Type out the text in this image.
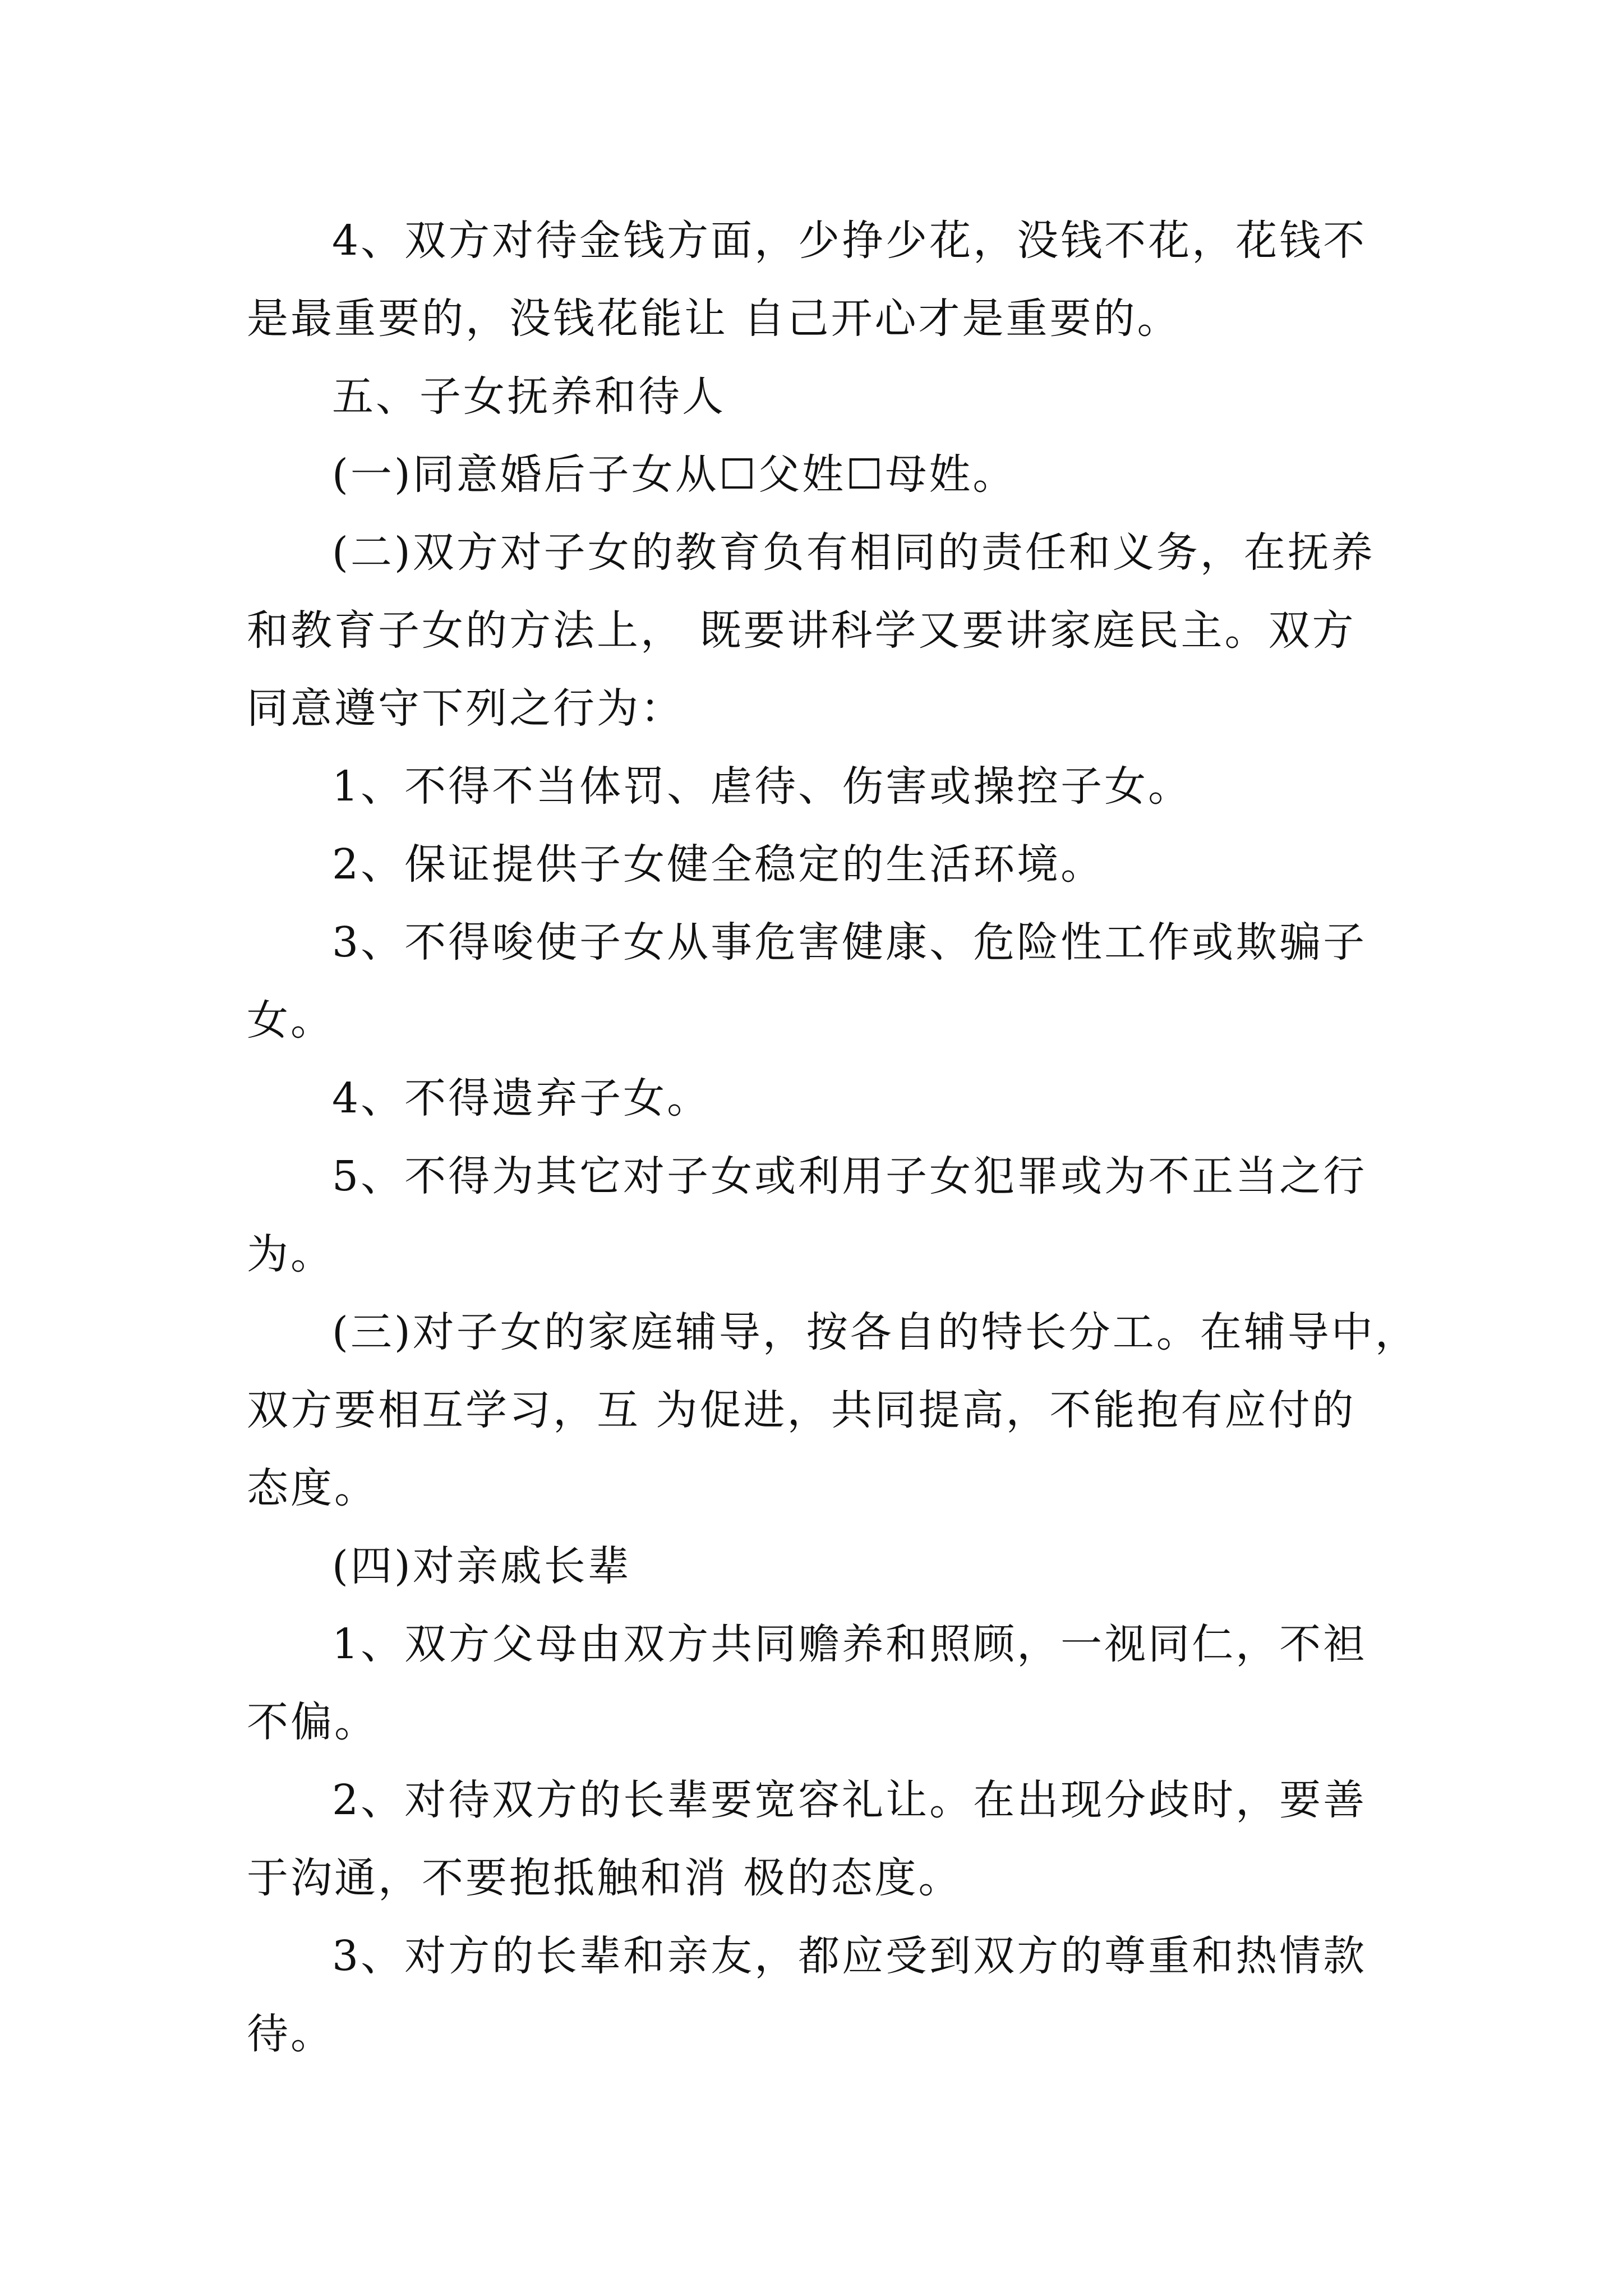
4、双方对待金钱方面，少挣少花，没钱不花，花钱不
是最重要的，没钱花能让 自己开心才是重要的。

五、子女抚养和待人

(一)同意婚后子女从☐父姓☐母姓。

(二)双方对子女的教育负有相同的责任和义务，在抚养
和教育子女的方法上， 既要讲科学又要讲家庭民主。双方
同意遵守下列之行为：

1、不得不当体罚、虐待、伤害或操控子女。

2、保证提供子女健全稳定的生活环境。

3、不得唆使子女从事危害健康、危险性工作或欺骗子
女。

4、不得遗弃子女。

5、不得为其它对子女或利用子女犯罪或为不正当之行
为。

(三)对子女的家庭辅导，按各自的特长分工。在辅导中，
双方要相互学习，互 为促进，共同提高，不能抱有应付的
态度。

(四)对亲戚长辈

1、双方父母由双方共同赡养和照顾，一视同仁，不袒
不偏。

2、对待双方的长辈要宽容礼让。在出现分歧时，要善
于沟通，不要抱抵触和消 极的态度。

3、对方的长辈和亲友，都应受到双方的尊重和热情款
待。
